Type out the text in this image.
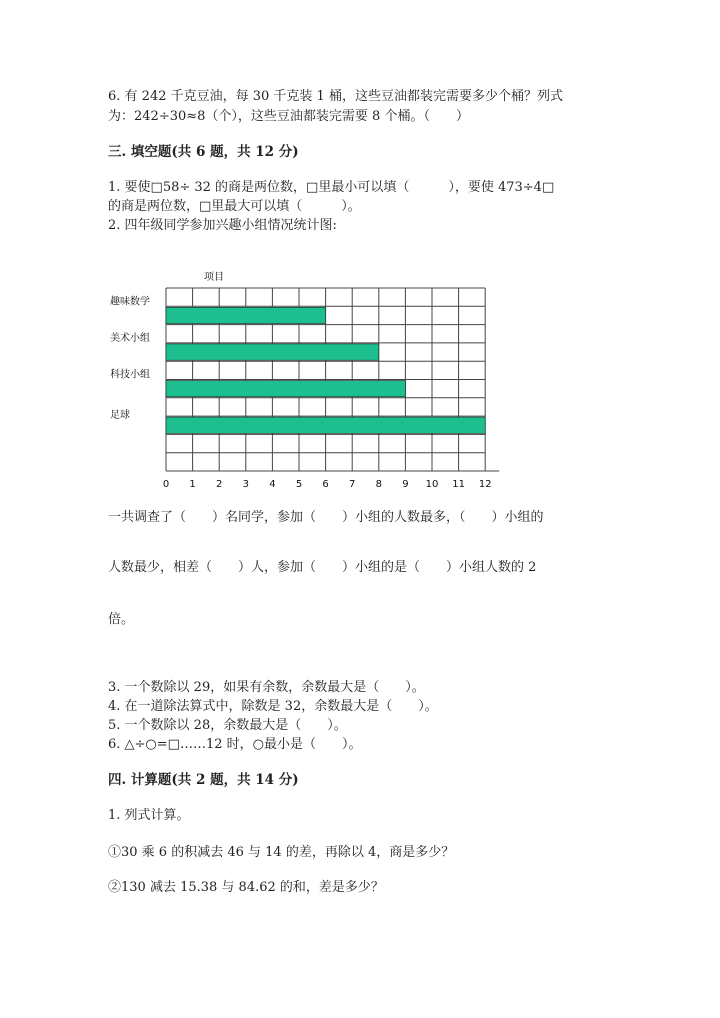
6. 有 242 千克豆油，每 30 千克装 1 桶，这些豆油都装完需要多少个桶？列式
为：242÷30≈8（个），这些豆油都装完需要 8 个桶。（　　）
三. 填空题(共 6 题，共 12 分)
1. 要使□58÷ 32 的商是两位数，□里最小可以填（　　　），要使 473÷4□
的商是两位数，□里最大可以填（　　　）。
2. 四年级同学参加兴趣小组情况统计图:
项目
趣味数学
美术小组
科技小组
足球
0 1 2 3 4 5 6 7 8 9 10 11 12
一共调查了（　　）名同学，参加（　　）小组的人数最多，（　　）小组的
人数最少，相差（　　）人，参加（　　）小组的是（　　）小组人数的 2
倍。
3. 一个数除以 29，如果有余数，余数最大是（　　）。
4. 在一道除法算式中，除数是 32，余数最大是（　　）。
5. 一个数除以 28，余数最大是（　　）。
6. △÷○=□……12 时，○最小是（　　）。
四. 计算题(共 2 题，共 14 分)
1. 列式计算。
①30 乘 6 的积减去 46 与 14 的差，再除以 4，商是多少？
②130 减去 15.38 与 84.62 的和，差是多少？
